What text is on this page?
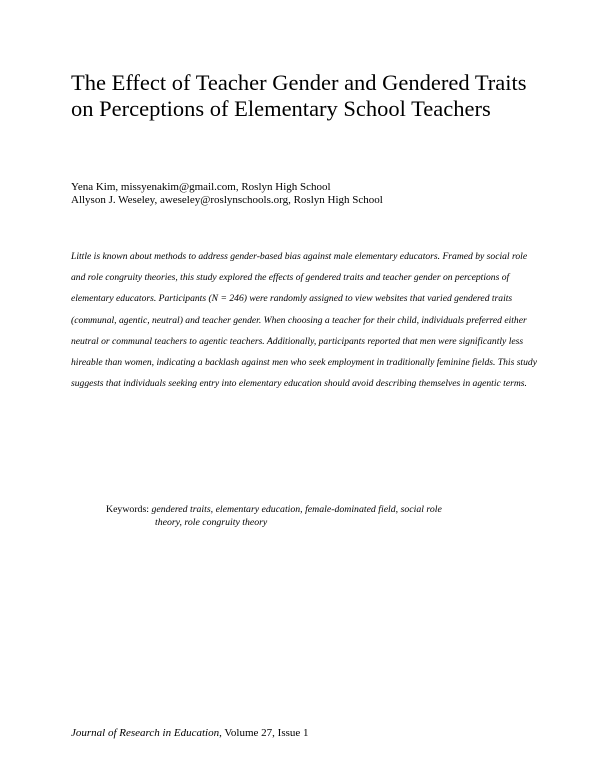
The Effect of Teacher Gender and Gendered Traits on Perceptions of Elementary School Teachers
Yena Kim, missyenakim@gmail.com, Roslyn High School
Allyson J. Weseley, aweseley@roslynschools.org, Roslyn High School

Little is known about methods to address gender-based bias against male elementary educators. Framed by social role and role congruity theories, this study explored the effects of gendered traits and teacher gender on perceptions of elementary educators. Participants (N = 246) were randomly assigned to view websites that varied gendered traits (communal, agentic, neutral) and teacher gender. When choosing a teacher for their child, individuals preferred either neutral or communal teachers to agentic teachers. Additionally, participants reported that men were significantly less hireable than women, indicating a backlash against men who seek employment in traditionally feminine fields. This study suggests that individuals seeking entry into elementary education should avoid describing themselves in agentic terms.

Keywords: gendered traits, elementary education, female-dominated field, social role
theory, role congruity theory
Journal of Research in Education, Volume 27, Issue 1
